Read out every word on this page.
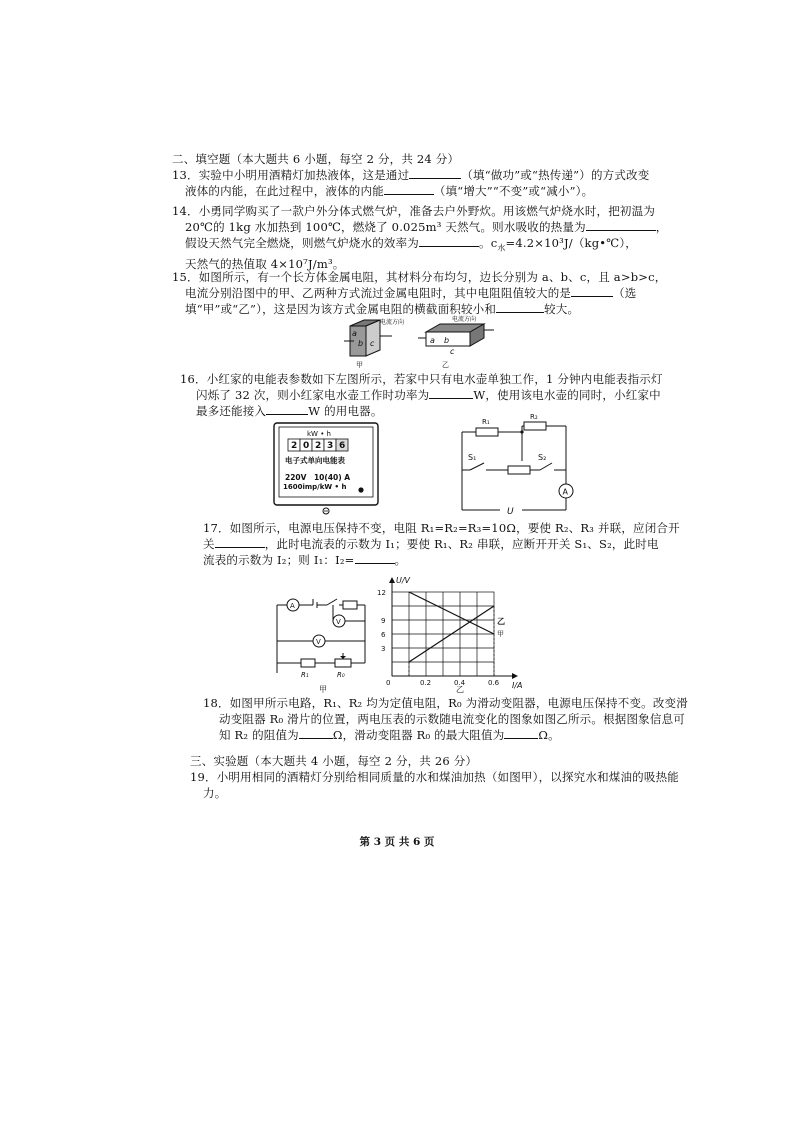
二、填空题（本大题共 6 小题，每空 2 分，共 24 分）
13．实验中小明用酒精灯加热液体，这是通过	（填“做功”或“热传递”）的方式改变
液体的内能，在此过程中，液体的内能	（填“增大”“不变”或“减小”）。
14．小勇同学购买了一款户外分体式燃气炉，准备去户外野炊。用该燃气炉烧水时，把初温为
20℃的 1kg 水加热到 100℃，燃烧了 0.025m³ 天然气。则水吸收的热量为	，
假设天然气完全燃烧，则燃气炉烧水的效率为	。$c_水=4.2\times 10^3J/(kg•℃)$，
天然气的热值取 4×10⁷J/m³。
15．如图所示，有一个长方体金属电阻，其材料分布均匀，边长分别为 a、b、c，且 a>b>c，
电流分别沿图中的甲、乙两种方式流过金属电阻时，其中电阻阻值较大的是	（选
填“甲”或“乙”），这是因为该方式金属电阻的横截面积较小和	较大。
a
b c
电流方向
甲
a b
c
电流方向
乙
16．小红家的电能表参数如下左图所示，若家中只有电水壶单独工作，1 分钟内电能表指示灯
闪烁了 32 次，则小红家电水壶工作时功率为	W，使用该电水壶的同时，小红家中
最多还能接入	W 的用电器。
kW • h
2 0 2 3 6
电子式单向电能表
220V　10(40) A
1600imp/kW • h
R₁
R₂
S₁	S₂
A
U
17．如图所示，电源电压保持不变，电阻 R₁=R₂=R₃=10Ω，要使 R₂、R₃ 并联，应闭合开
关	，此时电流表的示数为 I₁；要使 R₁、R₂ 串联，应断开开关 S₁、S₂，此时电
流表的示数为 I₂；则 I₁：I₂=	。
A
V
V
R₁	R₀
甲
U/V
I/A
3
6
9
12
0	0.2	0.4	0.6
乙
甲
乙
18．如图甲所示电路，R₁、R₂ 均为定值电阻，R₀ 为滑动变阻器，电源电压保持不变。改变滑
动变阻器 R₀ 滑片的位置，两电压表的示数随电流变化的图象如图乙所示。根据图象信息可
知 R₂ 的阻值为	Ω，滑动变阻器 R₀ 的最大阻值为	Ω。
三、实验题（本大题共 4 小题，每空 2 分，共 26 分）
19．小明用相同的酒精灯分别给相同质量的水和煤油加热（如图甲），以探究水和煤油的吸热能
力。
第 3 页 共 6 页
